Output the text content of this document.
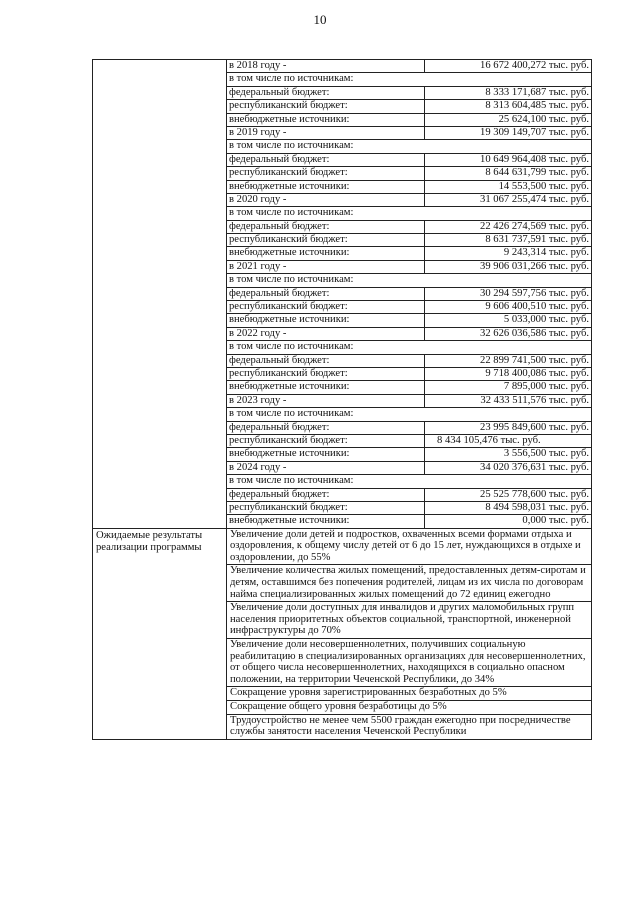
10

в 2018 году -	16 672 400,272 тыс. руб.
в том числе по источникам:
федеральный бюджет:	8 333 171,687 тыс. руб.
республиканский бюджет:	8 313 604,485 тыс. руб.
внебюджетные источники:	25 624,100 тыс. руб.
в 2019 году -	19 309 149,707 тыс. руб.
в том числе по источникам:
федеральный бюджет:	10 649 964,408 тыс. руб.
республиканский бюджет:	8 644 631,799 тыс. руб.
внебюджетные источники:	14 553,500 тыс. руб.
в 2020 году -	31 067 255,474 тыс. руб.
в том числе по источникам:
федеральный бюджет:	22 426 274,569 тыс. руб.
республиканский бюджет:	8 631 737,591 тыс. руб.
внебюджетные источники:	9 243,314 тыс. руб.
в 2021 году -	39 906 031,266 тыс. руб.
в том числе по источникам:
федеральный бюджет:	30 294 597,756 тыс. руб.
республиканский бюджет:	9 606 400,510 тыс. руб.
внебюджетные источники:	5 033,000 тыс. руб.
в 2022 году -	32 626 036,586 тыс. руб.
в том числе по источникам:
федеральный бюджет:	22 899 741,500 тыс. руб.
республиканский бюджет:	9 718 400,086 тыс. руб.
внебюджетные источники:	7 895,000 тыс. руб.
в 2023 году -	32 433 511,576 тыс. руб.
в том числе по источникам:
федеральный бюджет:	23 995 849,600 тыс. руб.
республиканский бюджет:	8 434 105,476 тыс. руб.
внебюджетные источники:	3 556,500 тыс. руб.
в 2024 году -	34 020 376,631 тыс. руб.
в том числе по источникам:
федеральный бюджет:	25 525 778,600 тыс. руб.
республиканский бюджет:	8 494 598,031 тыс. руб.
внебюджетные источники:	0,000 тыс. руб.

Ожидаемые результаты реализации программы	
Увеличение доли детей и подростков, охваченных всеми формами отдыха и оздоровления, к общему числу детей от 6 до 15 лет, нуждающихся в отдыхе и оздоровлении, до 55%
Увеличение количества жилых помещений, предоставленных детям-сиротам и детям, оставшимся без попечения родителей, лицам из их числа по договорам найма специализированных жилых помещений до 72 единиц ежегодно
Увеличение доли доступных для инвалидов и других маломобильных групп населения приоритетных объектов социальной, транспортной, инженерной инфраструктуры до 70%
Увеличение доли несовершеннолетних, получивших социальную реабилитацию в специализированных организациях для несовершеннолетних, от общего числа несовершеннолетних, находящихся в социально опасном положении, на территории Чеченской Республики, до 34%
Сокращение уровня зарегистрированных безработных до 5%
Сокращение общего уровня безработицы до 5%
Трудоустройство не менее чем 5500 граждан ежегодно при посредничестве службы занятости населения Чеченской Республики
